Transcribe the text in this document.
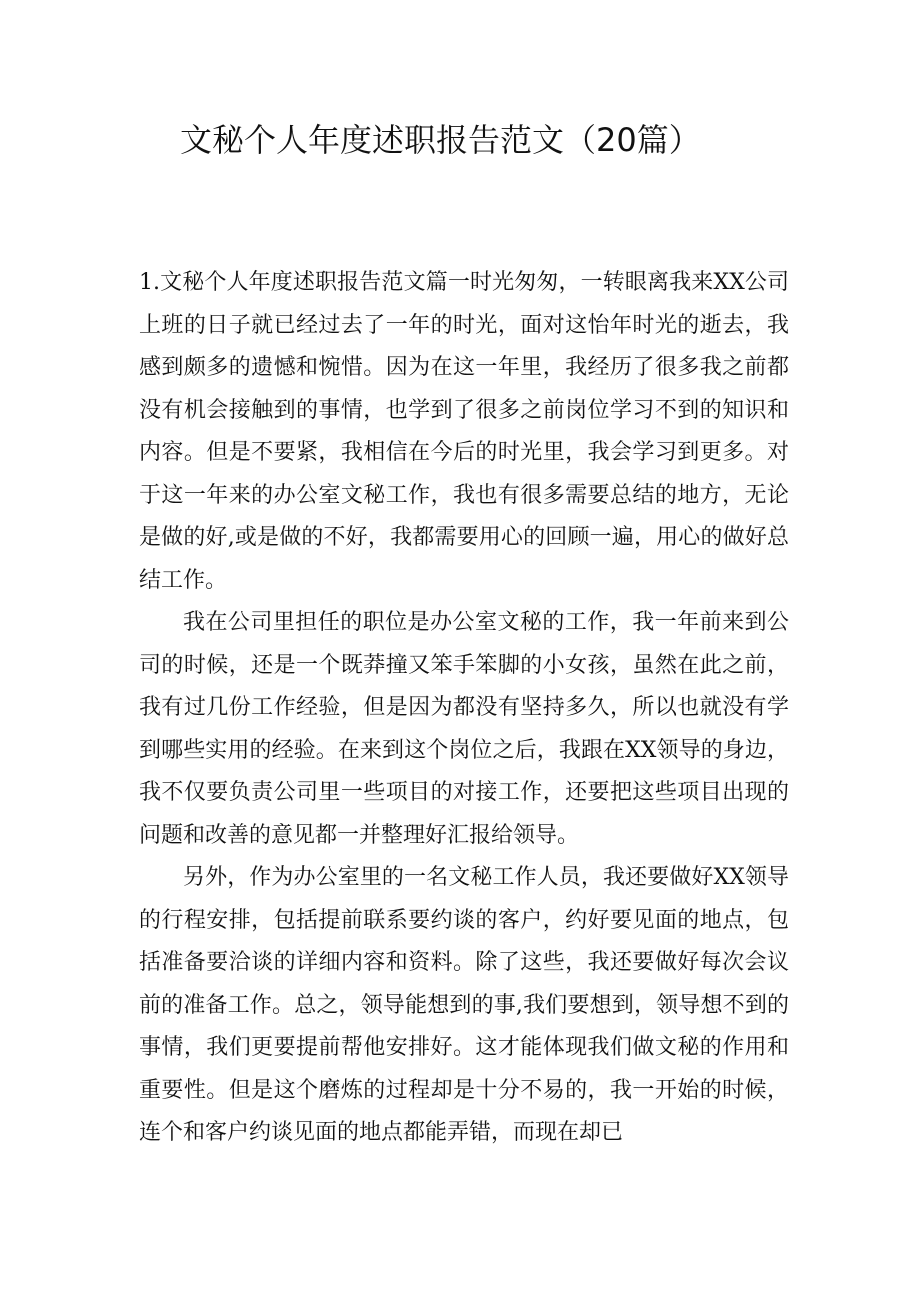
文秘个人年度述职报告范文（20篇）

1.文秘个人年度述职报告范文篇一时光匆匆，一转眼离我来XX公司上班的日子就已经过去了一年的时光，面对这怡年时光的逝去，我感到颇多的遗憾和惋惜。因为在这一年里，我经历了很多我之前都没有机会接触到的事情，也学到了很多之前岗位学习不到的知识和内容。但是不要紧，我相信在今后的时光里，我会学习到更多。对于这一年来的办公室文秘工作，我也有很多需要总结的地方，无论是做的好,或是做的不好，我都需要用心的回顾一遍，用心的做好总结工作。

我在公司里担任的职位是办公室文秘的工作，我一年前来到公司的时候，还是一个既莽撞又笨手笨脚的小女孩，虽然在此之前，我有过几份工作经验，但是因为都没有坚持多久，所以也就没有学到哪些实用的经验。在来到这个岗位之后，我跟在XX领导的身边，我不仅要负责公司里一些项目的对接工作，还要把这些项目出现的问题和改善的意见都一并整理好汇报给领导。

另外，作为办公室里的一名文秘工作人员，我还要做好XX领导的行程安排，包括提前联系要约谈的客户，约好要见面的地点，包括准备要洽谈的详细内容和资料。除了这些，我还要做好每次会议前的准备工作。总之，领导能想到的事,我们要想到，领导想不到的事情，我们更要提前帮他安排好。这才能体现我们做文秘的作用和重要性。但是这个磨炼的过程却是十分不易的，我一开始的时候，连个和客户约谈见面的地点都能弄错，而现在却已
